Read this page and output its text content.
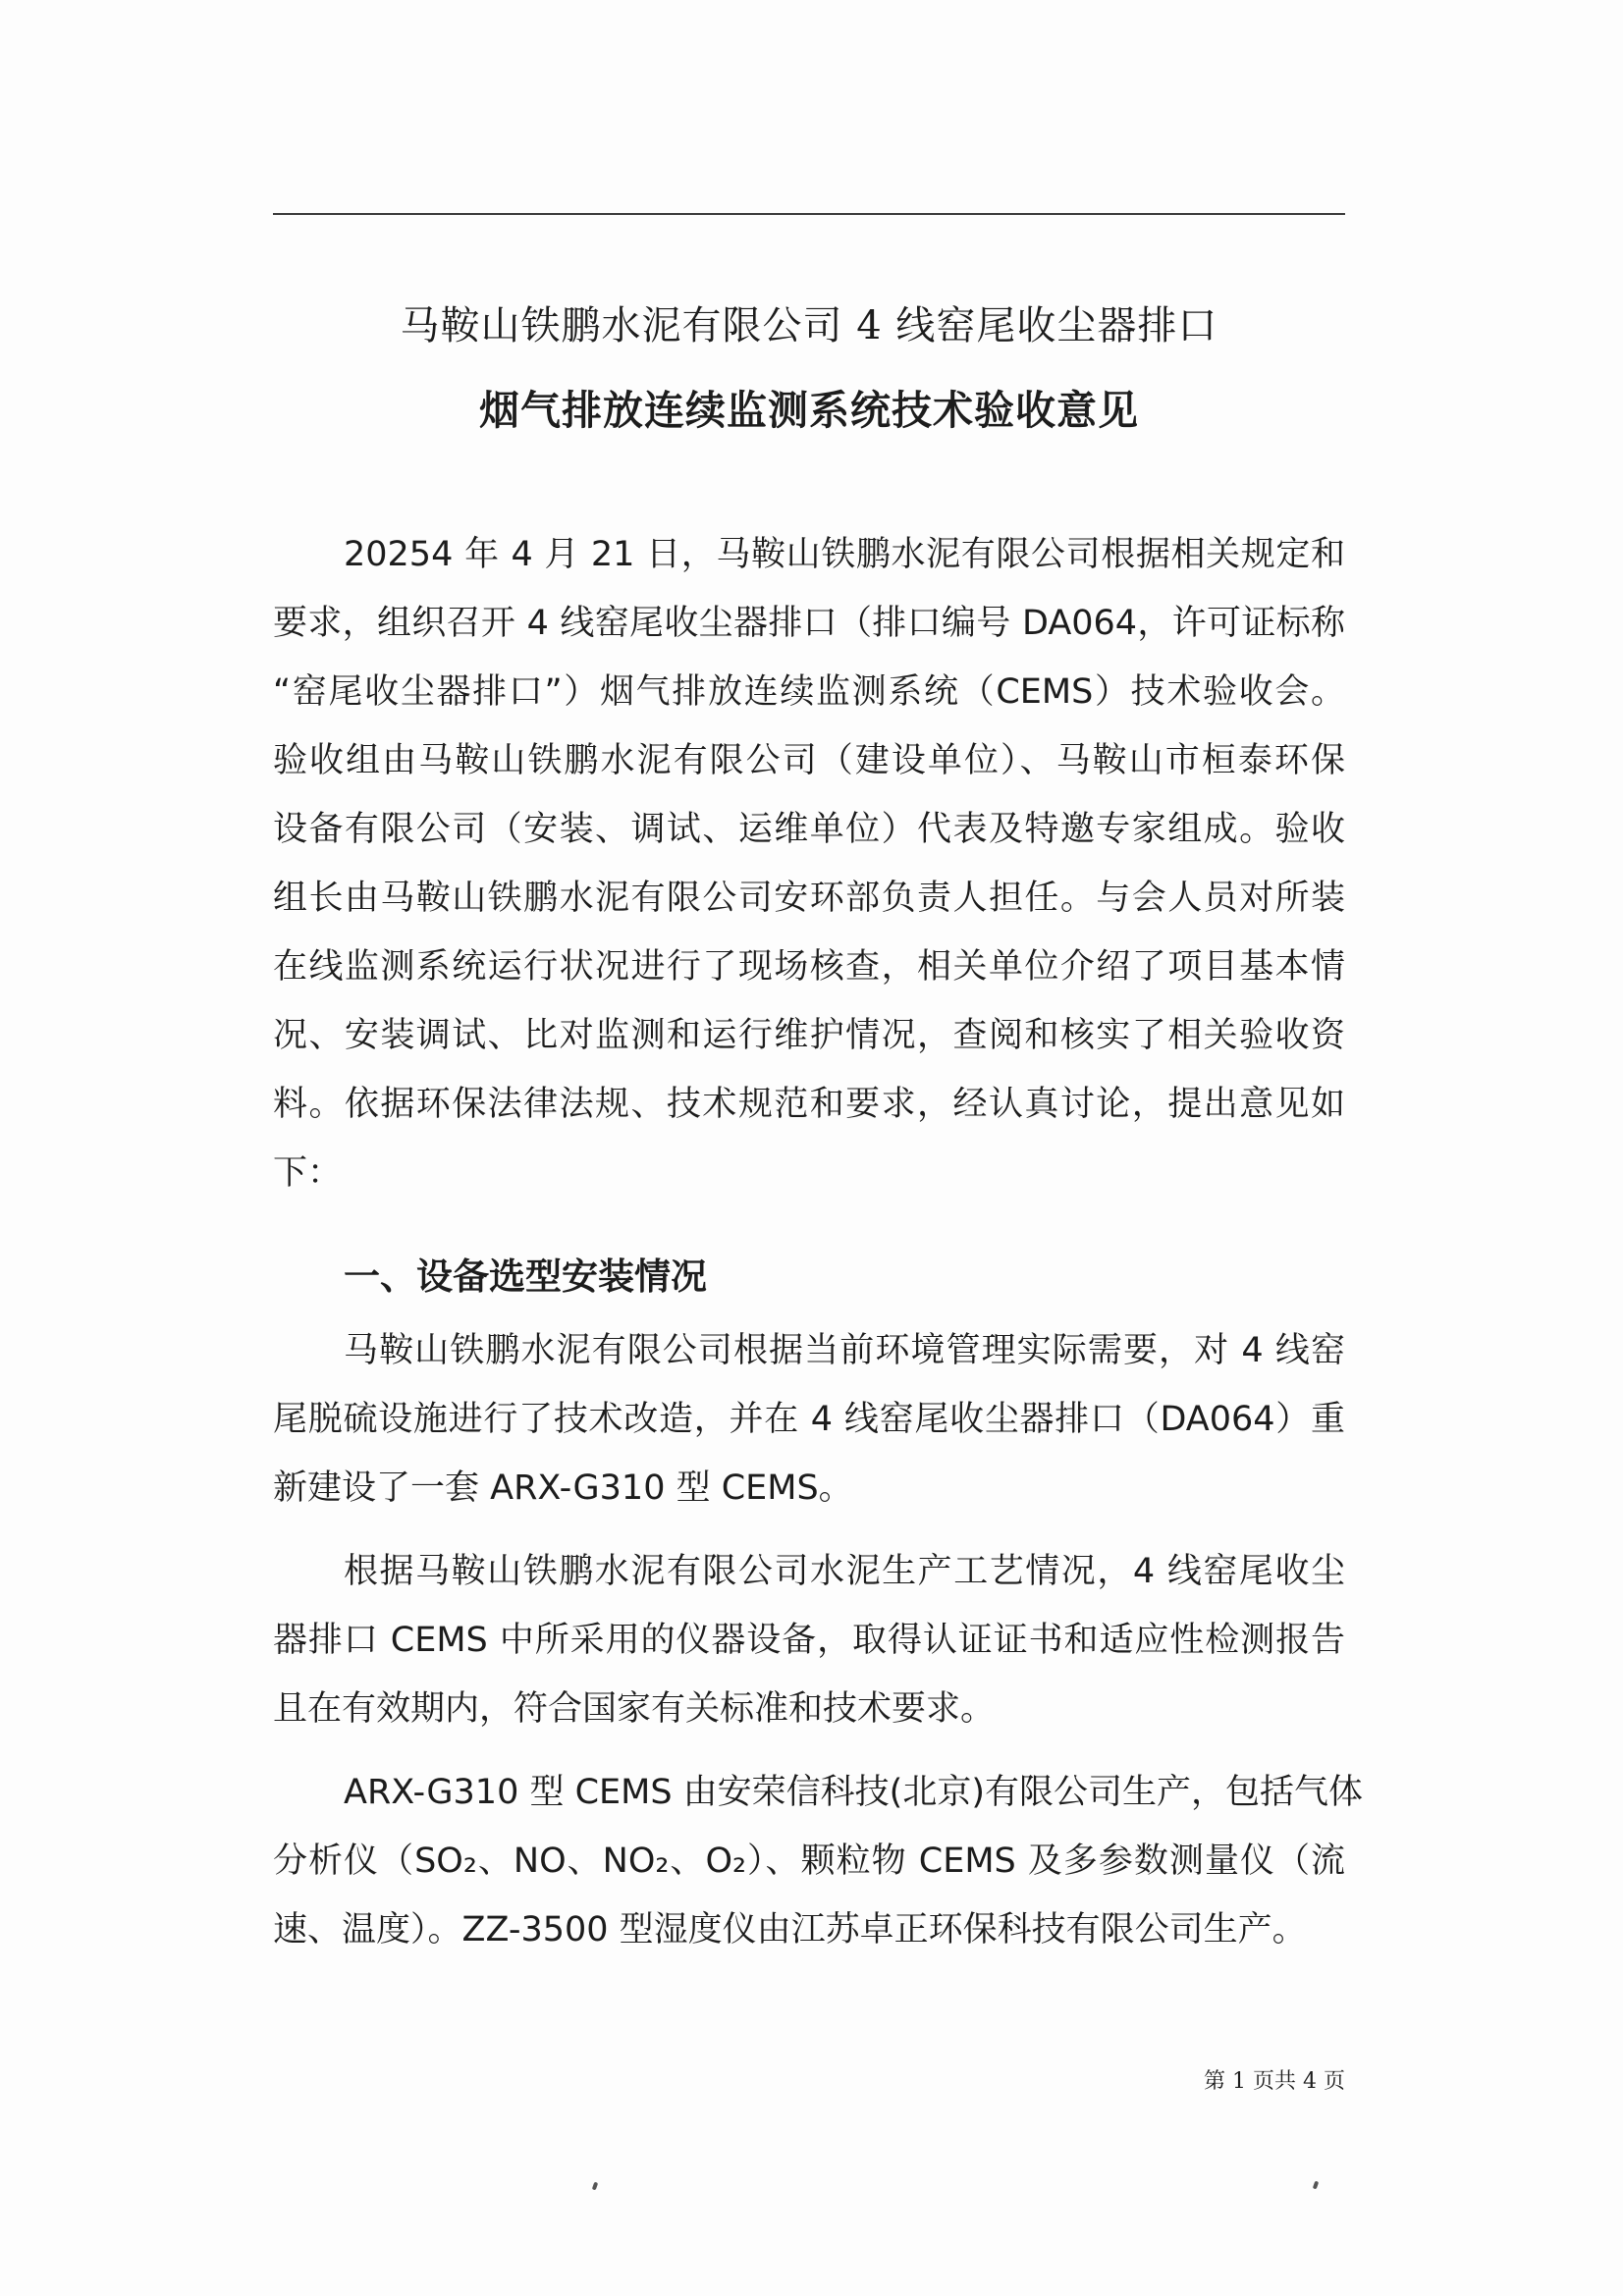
马鞍山铁鹏水泥有限公司 4 线窑尾收尘器排口
烟气排放连续监测系统技术验收意见
20254 年 4 月 21 日，马鞍山铁鹏水泥有限公司根据相关规定和
要求，组织召开 4 线窑尾收尘器排口（排口编号 DA064，许可证标称
“窑尾收尘器排口”）烟气排放连续监测系统（CEMS）技术验收会。
验收组由马鞍山铁鹏水泥有限公司（建设单位）、马鞍山市桓泰环保
设备有限公司（安装、调试、运维单位）代表及特邀专家组成。验收
组长由马鞍山铁鹏水泥有限公司安环部负责人担任。与会人员对所装
在线监测系统运行状况进行了现场核查，相关单位介绍了项目基本情
况、安装调试、比对监测和运行维护情况，查阅和核实了相关验收资
料。依据环保法律法规、技术规范和要求，经认真讨论，提出意见如
下：
一、设备选型安装情况
马鞍山铁鹏水泥有限公司根据当前环境管理实际需要，对 4 线窑
尾脱硫设施进行了技术改造，并在 4 线窑尾收尘器排口（DA064）重
新建设了一套 ARX-G310 型 CEMS。
根据马鞍山铁鹏水泥有限公司水泥生产工艺情况，4 线窑尾收尘
器排口 CEMS 中所采用的仪器设备，取得认证证书和适应性检测报告
且在有效期内，符合国家有关标准和技术要求。
ARX-G310 型 CEMS 由安荣信科技(北京)有限公司生产，包括气体
分析仪（SO₂、NO、NO₂、O₂）、颗粒物 CEMS 及多参数测量仪（流
速、温度）。ZZ-3500 型湿度仪由江苏卓正环保科技有限公司生产。
第 1 页共 4 页
